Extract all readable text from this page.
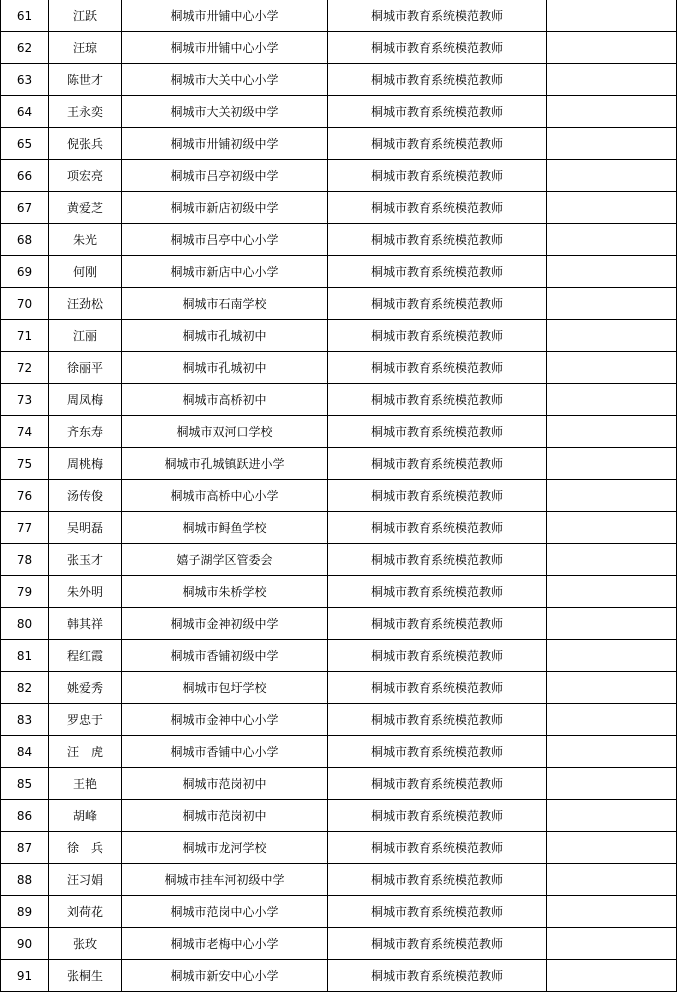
61	江跃	桐城市卅铺中心小学	桐城市教育系统模范教师	
62	汪琼	桐城市卅铺中心小学	桐城市教育系统模范教师	
63	陈世才	桐城市大关中心小学	桐城市教育系统模范教师	
64	王永奕	桐城市大关初级中学	桐城市教育系统模范教师	
65	倪张兵	桐城市卅铺初级中学	桐城市教育系统模范教师	
66	项宏亮	桐城市吕亭初级中学	桐城市教育系统模范教师	
67	黄爱芝	桐城市新店初级中学	桐城市教育系统模范教师	
68	朱光	桐城市吕亭中心小学	桐城市教育系统模范教师	
69	何刚	桐城市新店中心小学	桐城市教育系统模范教师	
70	汪劲松	桐城市石南学校	桐城市教育系统模范教师	
71	江丽	桐城市孔城初中	桐城市教育系统模范教师	
72	徐丽平	桐城市孔城初中	桐城市教育系统模范教师	
73	周凤梅	桐城市高桥初中	桐城市教育系统模范教师	
74	齐东寿	桐城市双河口学校	桐城市教育系统模范教师	
75	周桃梅	桐城市孔城镇跃进小学	桐城市教育系统模范教师	
76	汤传俊	桐城市高桥中心小学	桐城市教育系统模范教师	
77	吴明磊	桐城市鲟鱼学校	桐城市教育系统模范教师	
78	张玉才	嬉子湖学区管委会	桐城市教育系统模范教师	
79	朱外明	桐城市朱桥学校	桐城市教育系统模范教师	
80	韩其祥	桐城市金神初级中学	桐城市教育系统模范教师	
81	程红霞	桐城市香铺初级中学	桐城市教育系统模范教师	
82	姚爱秀	桐城市包圩学校	桐城市教育系统模范教师	
83	罗忠于	桐城市金神中心小学	桐城市教育系统模范教师	
84	汪　虎	桐城市香铺中心小学	桐城市教育系统模范教师	
85	王艳	桐城市范岗初中	桐城市教育系统模范教师	
86	胡峰	桐城市范岗初中	桐城市教育系统模范教师	
87	徐　兵	桐城市龙河学校	桐城市教育系统模范教师	
88	汪习娟	桐城市挂车河初级中学	桐城市教育系统模范教师	
89	刘荷花	桐城市范岗中心小学	桐城市教育系统模范教师	
90	张玫	桐城市老梅中心小学	桐城市教育系统模范教师	
91	张桐生	桐城市新安中心小学	桐城市教育系统模范教师	
